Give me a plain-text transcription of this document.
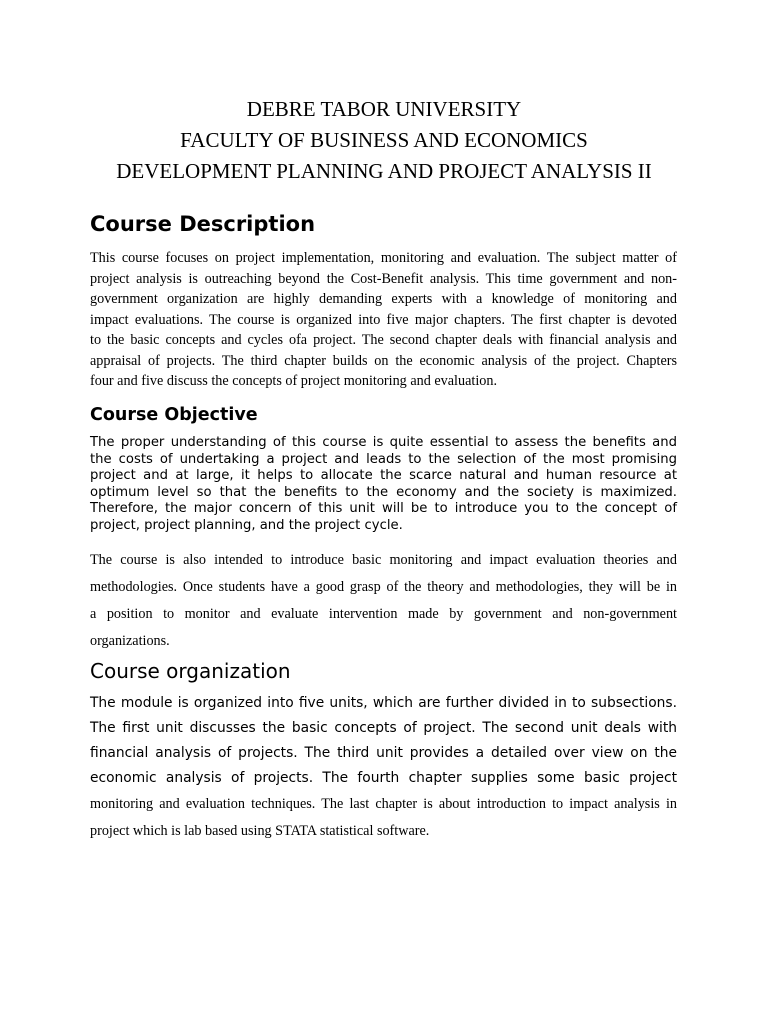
DEBRE TABOR UNIVERSITY
FACULTY OF BUSINESS AND ECONOMICS
DEVELOPMENT PLANNING AND PROJECT ANALYSIS II
Course Description
This course focuses on project implementation, monitoring and evaluation. The subject matter of
project analysis is outreaching beyond the Cost-Benefit analysis. This time government and non-
government organization are highly demanding experts with a knowledge of monitoring and
impact evaluations. The course is organized into five major chapters. The first chapter is devoted
to the basic concepts and cycles ofa project. The second chapter deals with financial analysis and
appraisal of projects. The third chapter builds on the economic analysis of the project. Chapters
four and five discuss the concepts of project monitoring and evaluation.
Course Objective
The proper understanding of this course is quite essential to assess the benefits and
the costs of undertaking a project and leads to the selection of the most promising
project and at large, it helps to allocate the scarce natural and human resource at
optimum level so that the benefits to the economy and the society is maximized.
Therefore, the major concern of this unit will be to introduce you to the concept of
project, project planning, and the project cycle.
The course is also intended to introduce basic monitoring and impact evaluation theories and
methodologies. Once students have a good grasp of the theory and methodologies, they will be in
a position to monitor and evaluate intervention made by government and non-government
organizations.
Course organization
The module is organized into five units, which are further divided in to subsections.
The first unit discusses the basic concepts of project. The second unit deals with
financial analysis of projects. The third unit provides a detailed over view on the
economic analysis of projects. The fourth chapter supplies some basic project
monitoring and evaluation techniques. The last chapter is about introduction to impact analysis in
project which is lab based using STATA statistical software.
